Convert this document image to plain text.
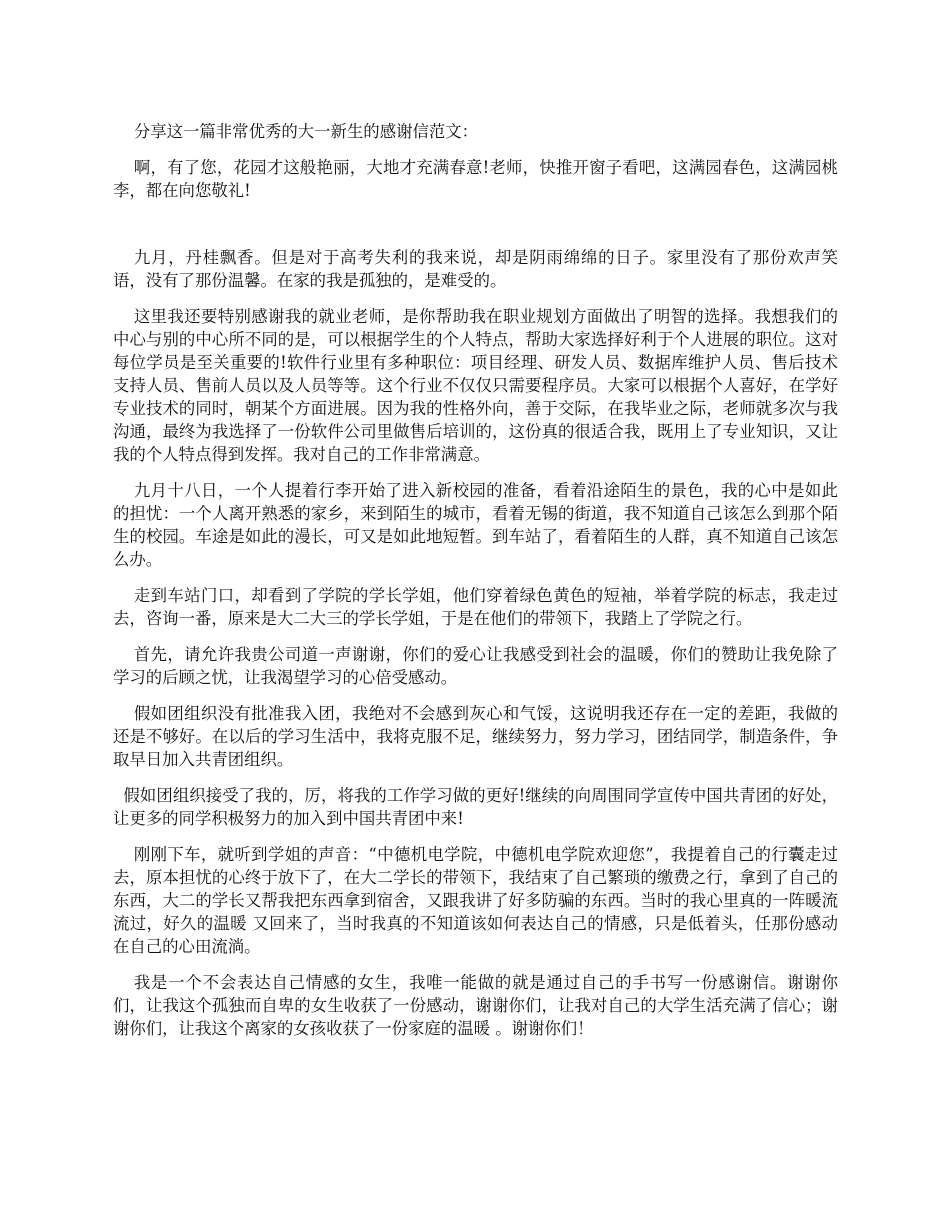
分享这一篇非常优秀的大一新生的感谢信范文：

啊，有了您，花园才这般艳丽，大地才充满春意!老师，快推开窗子看吧，这满园春色，这满园桃李，都在向您敬礼!

九月，丹桂飘香。但是对于高考失利的我来说，却是阴雨绵绵的日子。家里没有了那份欢声笑语，没有了那份温馨。在家的我是孤独的，是难受的。

这里我还要特别感谢我的就业老师，是你帮助我在职业规划方面做出了明智的选择。我想我们的中心与别的中心所不同的是，可以根据学生的个人特点，帮助大家选择好利于个人进展的职位。这对每位学员是至关重要的!软件行业里有多种职位：项目经理、研发人员、数据库维护人员、售后技术支持人员、售前人员以及人员等等。这个行业不仅仅只需要程序员。大家可以根据个人喜好，在学好专业技术的同时，朝某个方面进展。因为我的性格外向，善于交际，在我毕业之际，老师就多次与我沟通，最终为我选择了一份软件公司里做售后培训的，这份真的很适合我，既用上了专业知识，又让我的个人特点得到发挥。我对自己的工作非常满意。

九月十八日，一个人提着行李开始了进入新校园的准备，看着沿途陌生的景色，我的心中是如此的担忧：一个人离开熟悉的家乡，来到陌生的城市，看着无锡的街道，我不知道自己该怎么到那个陌生的校园。车途是如此的漫长，可又是如此地短暂。到车站了，看着陌生的人群，真不知道自己该怎么办。

走到车站门口，却看到了学院的学长学姐，他们穿着绿色黄色的短袖，举着学院的标志，我走过去，咨询一番，原来是大二大三的学长学姐，于是在他们的带领下，我踏上了学院之行。

首先，请允许我贵公司道一声谢谢，你们的爱心让我感受到社会的温暖，你们的赞助让我免除了学习的后顾之忧，让我渴望学习的心倍受感动。

假如团组织没有批准我入团，我绝对不会感到灰心和气馁，这说明我还存在一定的差距，我做的还是不够好。在以后的学习生活中，我将克服不足，继续努力，努力学习，团结同学，制造条件，争取早日加入共青团组织。

假如团组织接受了我的，厉，将我的工作学习做的更好!继续的向周围同学宣传中国共青团的好处，让更多的同学积极努力的加入到中国共青团中来!

刚刚下车，就听到学姐的声音：“中德机电学院，中德机电学院欢迎您”，我提着自己的行囊走过去，原本担忧的心终于放下了，在大二学长的带领下，我结束了自己繁琐的缴费之行，拿到了自己的东西，大二的学长又帮我把东西拿到宿舍，又跟我讲了好多防骗的东西。当时的我心里真的一阵暖流流过，好久的温暖 又回来了，当时我真的不知道该如何表达自己的情感，只是低着头，任那份感动在自己的心田流淌。

我是一个不会表达自己情感的女生，我唯一能做的就是通过自己的手书写一份感谢信。谢谢你们，让我这个孤独而自卑的女生收获了一份感动，谢谢你们，让我对自己的大学生活充满了信心；谢谢你们，让我这个离家的女孩收获了一份家庭的温暖 。谢谢你们！
